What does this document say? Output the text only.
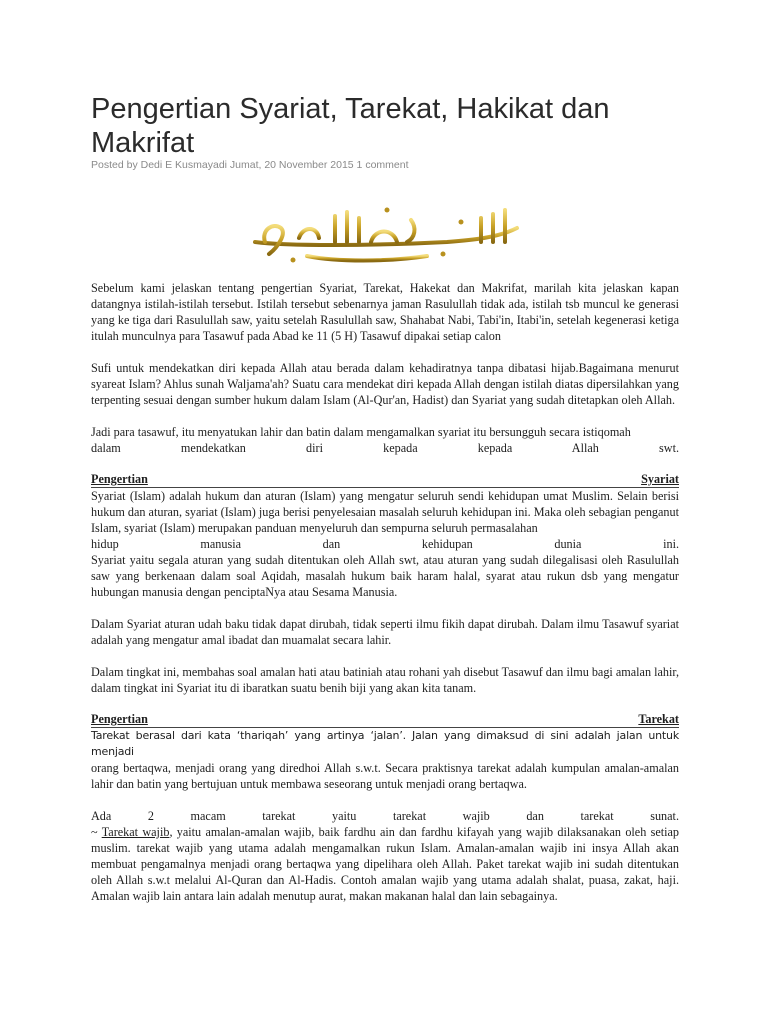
Pengertian Syariat, Tarekat, Hakikat dan Makrifat
Posted by Dedi E Kusmayadi Jumat, 20 November 2015 1 comment

Sebelum kami jelaskan tentang pengertian Syariat, Tarekat, Hakekat dan Makrifat, marilah kita jelaskan kapan datangnya istilah-istilah tersebut. Istilah tersebut sebenarnya jaman Rasulullah tidak ada, istilah tsb muncul ke generasi yang ke tiga dari Rasulullah saw, yaitu setelah Rasulullah saw, Shahabat Nabi, Tabi'in, Itabi'in, setelah kegenerasi ketiga itulah munculnya para Tasawuf pada Abad ke 11 (5 H) Tasawuf dipakai setiap calon

Sufi untuk mendekatkan diri kepada Allah atau berada dalam kehadiratnya tanpa dibatasi hijab.Bagaimana menurut syareat Islam? Ahlus sunah Waljama'ah? Suatu cara mendekat diri kepada Allah dengan istilah diatas dipersilahkan yang terpenting sesuai dengan sumber hukum dalam Islam (Al-Qur'an, Hadist) dan Syariat yang sudah ditetapkan oleh Allah.

Jadi para tasawuf, itu menyatukan lahir dan batin dalam mengamalkan syariat itu bersungguh secara istiqomah
dalam mendekatkan diri kepada kepada Allah swt.

Pengertian	Syariat
Syariat (Islam) adalah hukum dan aturan (Islam) yang mengatur seluruh sendi kehidupan umat Muslim. Selain berisi hukum dan aturan, syariat (Islam) juga berisi penyelesaian masalah seluruh kehidupan ini. Maka oleh sebagian penganut Islam, syariat (Islam) merupakan panduan menyeluruh dan sempurna seluruh permasalahan
hidup manusia dan kehidupan dunia ini.

Syariat yaitu segala aturan yang sudah ditentukan oleh Allah swt, atau aturan yang sudah dilegalisasi oleh Rasulullah saw yang berkenaan dalam soal Aqidah, masalah hukum baik haram halal, syarat atau rukun dsb yang mengatur hubungan manusia dengan penciptaNya atau Sesama Manusia.

Dalam Syariat aturan udah baku tidak dapat dirubah, tidak seperti ilmu fikih dapat dirubah. Dalam ilmu Tasawuf syariat adalah yang mengatur amal ibadat dan muamalat secara lahir.

Dalam tingkat ini, membahas soal amalan hati atau batiniah atau rohani yah disebut Tasawuf dan ilmu bagi amalan lahir, dalam tingkat ini Syariat itu di ibaratkan suatu benih biji yang akan kita tanam.

Pengertian	Tarekat

Tarekat berasal dari kata ‘thariqah’ yang artinya ‘jalan’. Jalan yang dimaksud di sini adalah jalan untuk menjadi
orang bertaqwa, menjadi orang yang diredhoi Allah s.w.t. Secara praktisnya tarekat adalah kumpulan amalan-amalan lahir dan batin yang bertujuan untuk membawa seseorang untuk menjadi orang bertaqwa.

Ada 2 macam tarekat yaitu tarekat wajib dan tarekat sunat.
~ Tarekat wajib, yaitu amalan-amalan wajib, baik fardhu ain dan fardhu kifayah yang wajib dilaksanakan oleh setiap muslim. tarekat wajib yang utama adalah mengamalkan rukun Islam. Amalan-amalan wajib ini insya Allah akan membuat pengamalnya menjadi orang bertaqwa yang dipelihara oleh Allah. Paket tarekat wajib ini sudah ditentukan oleh Allah s.w.t melalui Al-Quran dan Al-Hadis. Contoh amalan wajib yang utama adalah shalat, puasa, zakat, haji. Amalan wajib lain antara lain adalah menutup aurat, makan makanan halal dan lain sebagainya.
